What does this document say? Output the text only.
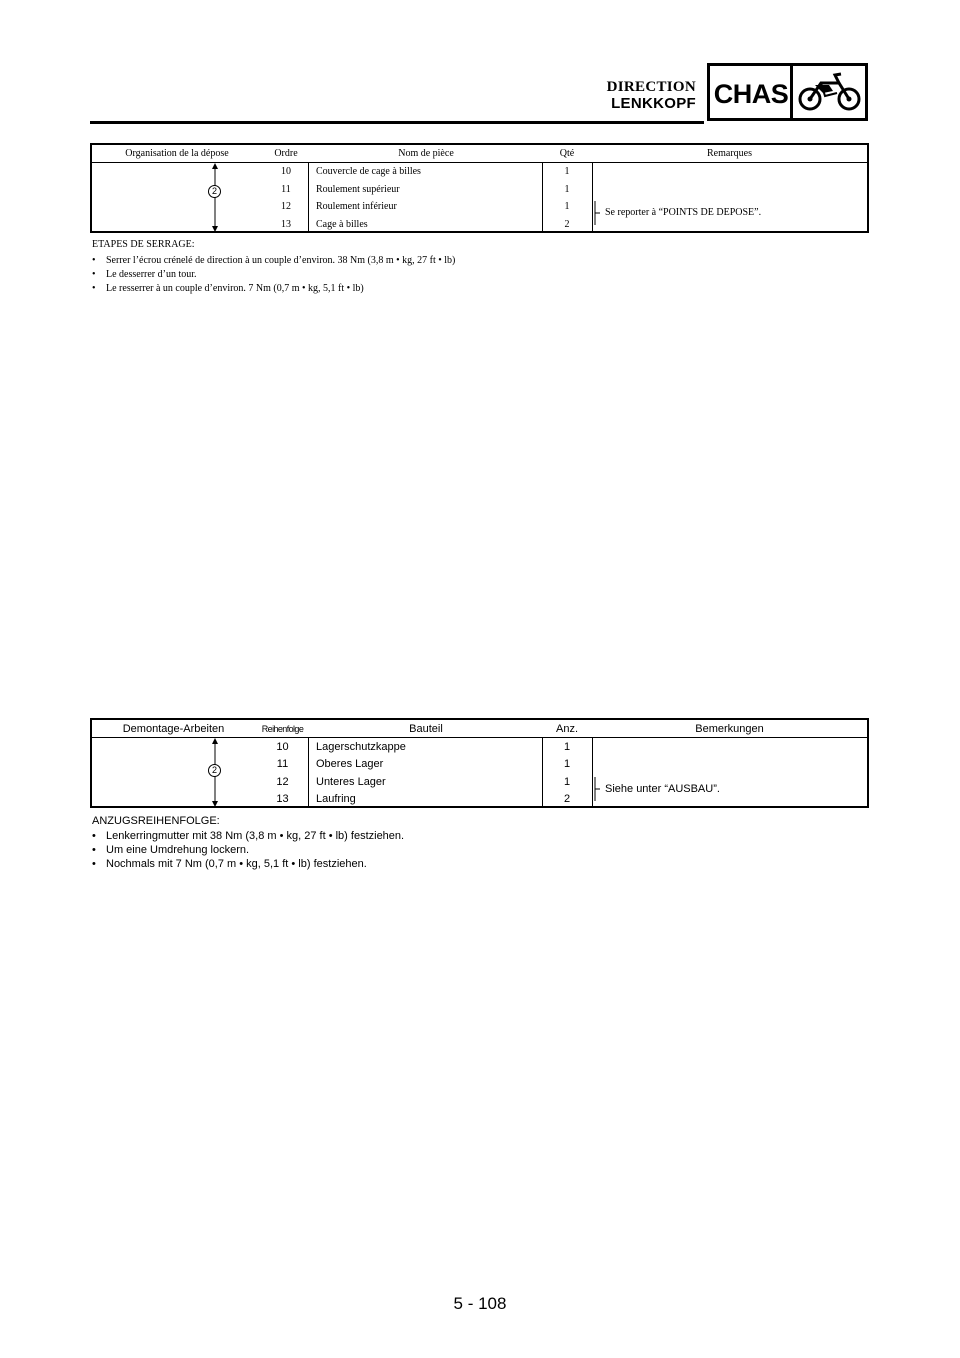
DIRECTION
LENKKOPF CHAS
Organisation de la dépose	Ordre	Nom de pièce	Qté	Remarques
	10	Couvercle de cage à billes	1	
	11	Roulement supérieur	1	
	12	Roulement inférieur	1	
	13	Cage à billes	2	
2
Se reporter à “POINTS DE DEPOSE”.
ETAPES DE SERRAGE:
• Serrer l’écrou crénelé de direction à un couple d’environ. 38 Nm (3,8 m • kg, 27 ft • lb)
• Le desserrer d’un tour.
• Le resserrer à un couple d’environ. 7 Nm (0,7 m • kg, 5,1 ft • lb)
Demontage-Arbeiten	Reihenfolge	Bauteil	Anz.	Bemerkungen
	10	Lagerschutzkappe	1	
	11	Oberes Lager	1	
	12	Unteres Lager	1	
	13	Laufring	2	
2
Siehe unter “AUSBAU”.
ANZUGSREIHENFOLGE:
• Lenkerringmutter mit 38 Nm (3,8 m • kg, 27 ft • lb) festziehen.
• Um eine Umdrehung lockern.
• Nochmals mit 7 Nm (0,7 m • kg, 5,1 ft • lb) festziehen.
5 - 108
